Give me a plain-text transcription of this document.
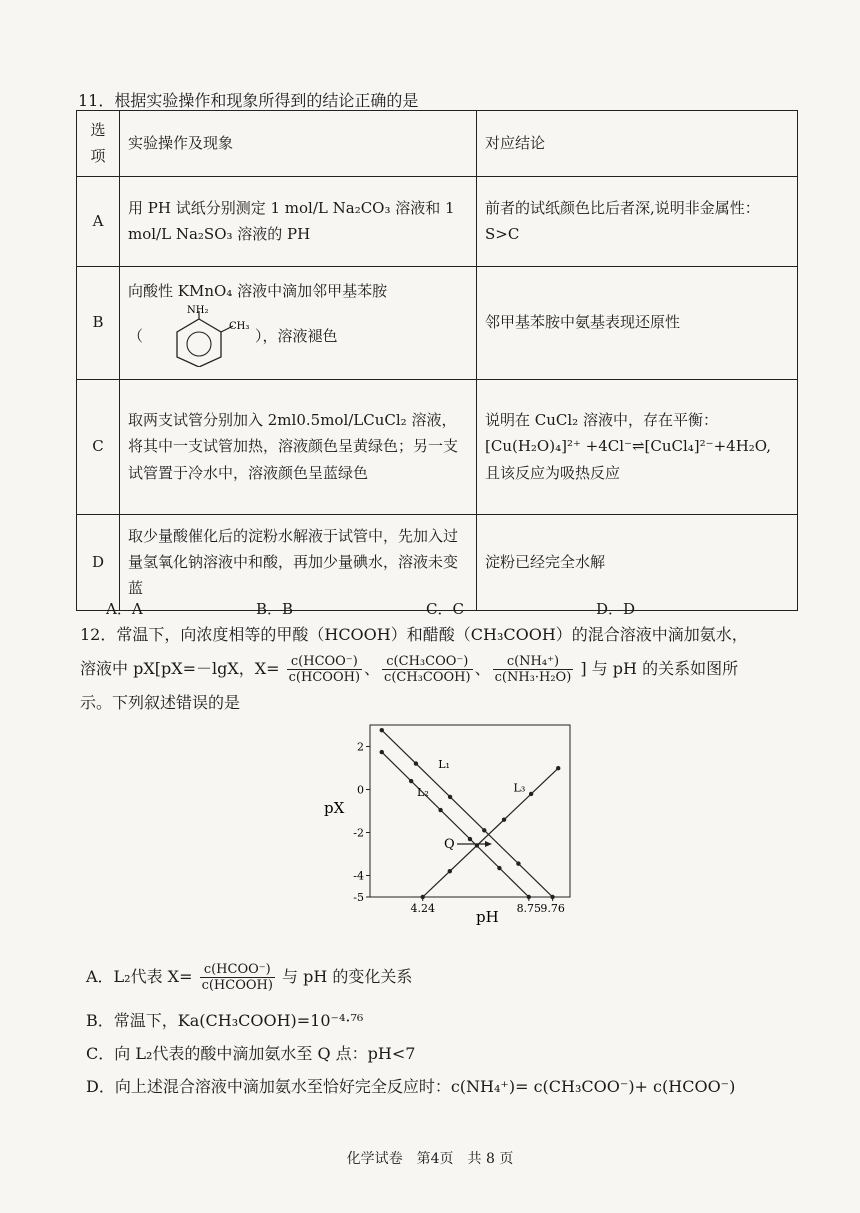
11．根据实验操作和现象所得到的结论正确的是
选项	实验操作及现象	对应结论
A	用 PH 试纸分别测定 1 mol/L Na₂CO₃ 溶液和 1 mol/L Na₂SO₃ 溶液的 PH	前者的试纸颜色比后者深,说明非金属性：S>C
B	向酸性 KMnO₄ 溶液中滴加邻甲基苯胺
（
NH₂
CH₃
），溶液褪色	邻甲基苯胺中氨基表现还原性
C	取两支试管分别加入 2ml0.5mol/LCuCl₂ 溶液，将其中一支试管加热，溶液颜色呈黄绿色；另一支试管置于冷水中，溶液颜色呈蓝绿色	说明在 CuCl₂ 溶液中，存在平衡：
[Cu(H₂O)₄]²⁺ +4Cl⁻⇌[CuCl₄]²⁻+4H₂O,
且该反应为吸热反应

D	取少量酸催化后的淀粉水解液于试管中，先加入过量氢氧化钠溶液中和酸，再加少量碘水，溶液未变蓝	淀粉已经完全水解
A．A	B．B	C．C	D．D
12．常温下，向浓度相等的甲酸（HCOOH）和醋酸（CH₃COOH）的混合溶液中滴加氨水，
溶液中 pX[pX=－lgX，$X= \frac{\text{c(HCOO⁻)}}{\text{c(HCOOH)}}$ 、 $\frac{\text{c(CH₃COO⁻)}}{\text{c(CH₃COOH)}}$ 、 $\frac{\text{c(NH₄⁺)}}{\text{c(NH₃·H₂O)}}$ ] 与 pH 的关系如图所
示。下列叙述错误的是
2
0
-2
-4
-5
4.24	8.75 9.76
L₁
L₂	L₃
pX
pH
Q
A．L₂代表 $X= \frac{\text{c(HCOO⁻)}}{\text{c(HCOOH)}}$ 与 pH 的变化关系
B．常温下，Ka(CH₃COOH)=10⁻⁴·⁷⁶
C．向 L₂代表的酸中滴加氨水至 Q 点：pH<7
D．向上述混合溶液中滴加氨水至恰好完全反应时：c(NH₄⁺)= c(CH₃COO⁻)+ c(HCOO⁻)
化学试卷　第4页　共 8 页
